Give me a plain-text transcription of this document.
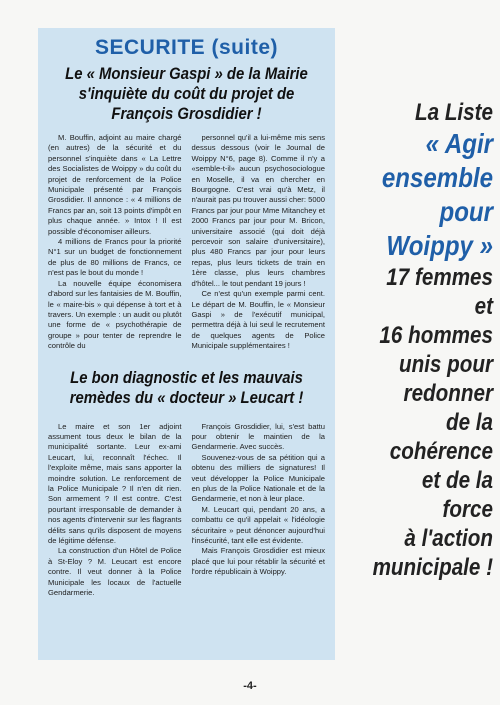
SECURITE (suite)
Le « Monsieur Gaspi » de la Mairie s'inquiète du coût du projet de François Grosdidier !

M. Bouffin, adjoint au maire chargé (en autres) de la sécurité et du personnel s'inquiète dans « La Lettre des Socialistes de Woippy » du coût du projet de renforcement de la Police Municipale présenté par François Grosdidier. Il annonce : « 4 millions de Francs par an, soit 13 points d'impôt en plus chaque année. » Intox ! Il est possible d'économiser ailleurs.

4 millions de Francs pour la priorité N°1 sur un budget de fonctionnement de plus de 80 millions de Francs, ce n'est pas le bout du monde !

La nouvelle équipe économisera d'abord sur les fantaisies de M. Bouffin, le « maire-bis » qui dépense à tort et à travers. Un exemple : un audit ou plutôt une forme de « psychothérapie de groupe » pour tenter de reprendre le contrôle du

personnel qu'il a lui-même mis sens dessus dessous (voir le Journal de Woippy N°6, page 8). Comme il n'y a «semble-t-il» aucun psychosociologue en Moselle, il va en chercher en Bourgogne. C'est vrai qu'à Metz, il n'aurait pas pu trouver aussi cher: 5000 Francs par jour pour Mme Mitanchey et 2000 Francs par jour pour M. Bricon, universitaire associé (qui doit déjà percevoir son salaire d'universitaire), plus 480 Francs par jour pour leurs repas, plus leurs tickets de train en 1ère classe, plus leurs chambres d'hôtel... le tout pendant 19 jours !

Ce n'est qu'un exemple parmi cent. Le départ de M. Bouffin, le « Monsieur Gaspi » de l'exécutif municipal, permettra déjà à lui seul le recrutement de quelques agents de Police Municipale supplémentaires !

Le bon diagnostic et les mauvais remèdes du « docteur » Leucart !

Le maire et son 1er adjoint assument tous deux le bilan de la municipalité sortante. Leur ex-ami Leucart, lui, reconnaît l'échec. Il l'exploite même, mais sans apporter la moindre solution. Le renforcement de la Police Municipale ? Il n'en dit rien. Son armement ? Il est contre. C'est pourtant irresponsable de demander à nos agents d'intervenir sur les flagrants délits sans qu'ils disposent de moyens de légitime défense.

La construction d'un Hôtel de Police à St-Eloy ? M. Leucart est encore contre. Il veut donner à la Police Municipale les locaux de l'actuelle Gendarmerie.

François Grosdidier, lui, s'est battu pour obtenir le maintien de la Gendarmerie. Avec succès.

Souvenez-vous de sa pétition qui a obtenu des milliers de signatures! Il veut développer la Police Municipale en plus de la Police Nationale et de la Gendarmerie, et non à leur place.

M. Leucart qui, pendant 20 ans, a combattu ce qu'il appelait « l'idéologie sécuritaire » peut dénoncer aujourd'hui l'insécurité, tant elle est évidente.

Mais François Grosdidier est mieux placé que lui pour rétablir la sécurité et l'ordre républicain à Woippy.

La Liste
« Agir
ensemble
pour
Woippy »
17 femmes
et
16 hommes
unis pour
redonner
de la
cohérence
et de la
force
à l'action
municipale !
-4-
